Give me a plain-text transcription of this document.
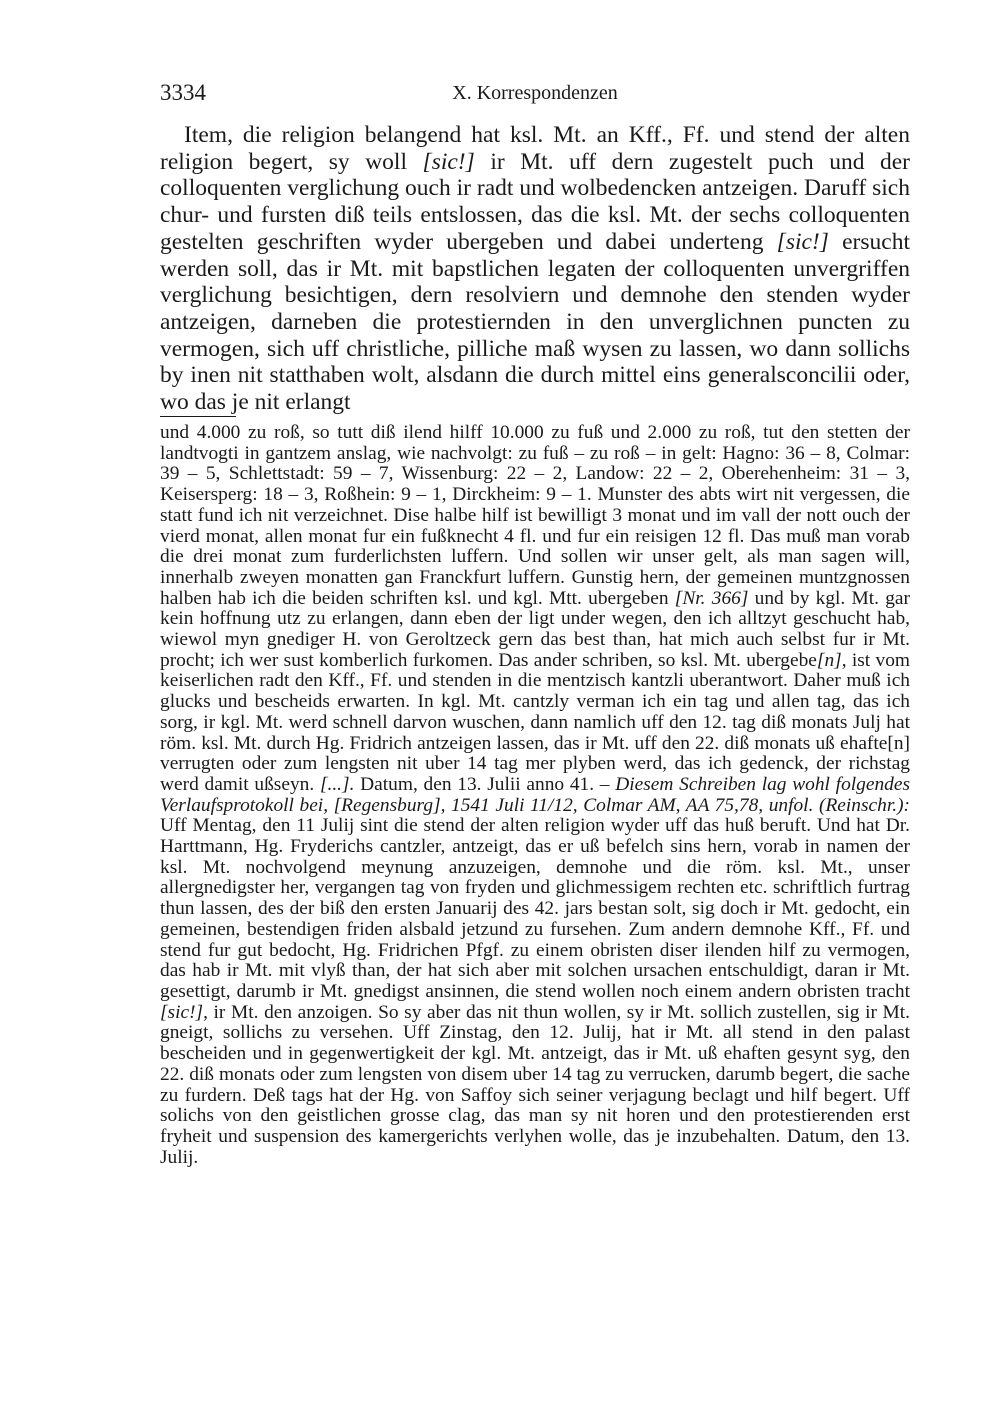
3334	X. Korrespondenzen

Item, die religion belangend hat ksl. Mt. an Kff., Ff. und stend der alten religion begert, sy woll [sic!] ir Mt. uff dern zugestelt puch und der colloquenten verglichung ouch ir radt und wolbedencken antzeigen. Daruff sich chur- und fursten diß teils entslossen, das die ksl. Mt. der sechs colloquenten gestelten geschriften wyder ubergeben und dabei underteng [sic!] ersucht werden soll, das ir Mt. mit bapstlichen legaten der colloquenten unvergriffen verglichung besichtigen, dern resolviern und demnohe den stenden wyder antzeigen, darneben die protestiernden in den unverglichnen puncten zu vermogen, sich uff christliche, pilliche maß wysen zu lassen, wo dann sollichs by inen nit statthaben wolt, alsdann die durch mittel eins generalsconcilii oder, wo das je nit erlangt

und 4.000 zu roß, so tutt diß ilend hilff 10.000 zu fuß und 2.000 zu roß, tut den stetten der landtvogti in gantzem anslag, wie nachvolgt: zu fuß – zu roß – in gelt: Hagno: 36 – 8, Colmar: 39 – 5, Schlettstadt: 59 – 7, Wissenburg: 22 – 2, Landow: 22 – 2, Oberehenheim: 31 – 3, Keisersperg: 18 – 3, Roßhein: 9 – 1, Dirckheim: 9 – 1. Munster des abts wirt nit vergessen, die statt fund ich nit verzeichnet. Dise halbe hilf ist bewilligt 3 monat und im vall der nott ouch der vierd monat, allen monat fur ein fußknecht 4 fl. und fur ein reisigen 12 fl. Das muß man vorab die drei monat zum furderlichsten luffern. Und sollen wir unser gelt, als man sagen will, innerhalb zweyen monatten gan Franckfurt luffern. Gunstig hern, der gemeinen muntzgnossen halben hab ich die beiden schriften ksl. und kgl. Mtt. ubergeben [Nr. 366] und by kgl. Mt. gar kein hoffnung utz zu erlangen, dann eben der ligt under wegen, den ich alltzyt geschucht hab, wiewol myn gnediger H. von Geroltzeck gern das best than, hat mich auch selbst fur ir Mt. procht; ich wer sust komberlich furkomen. Das ander schriben, so ksl. Mt. ubergebe[n], ist vom keiserlichen radt den Kff., Ff. und stenden in die mentzisch kantzli uberantwort. Daher muß ich glucks und bescheids erwarten. In kgl. Mt. cantzly verman ich ein tag und allen tag, das ich sorg, ir kgl. Mt. werd schnell darvon wuschen, dann namlich uff den 12. tag diß monats Julj hat röm. ksl. Mt. durch Hg. Fridrich antzeigen lassen, das ir Mt. uff den 22. diß monats uß ehafte[n] verrugten oder zum lengsten nit uber 14 tag mer plyben werd, das ich gedenck, der richstag werd damit ußseyn. [...]. Datum, den 13. Julii anno 41. – Diesem Schreiben lag wohl folgendes Verlaufsprotokoll bei, [Regensburg], 1541 Juli 11/12, Colmar AM, AA 75,78, unfol. (Reinschr.): Uff Mentag, den 11 Julij sint die stend der alten religion wyder uff das huß beruft. Und hat Dr. Harttmann, Hg. Fryderichs cantzler, antzeigt, das er uß befelch sins hern, vorab in namen der ksl. Mt. nochvolgend meynung anzuzeigen, demnohe und die röm. ksl. Mt., unser allergnedigster her, vergangen tag von fryden und glichmessigem rechten etc. schriftlich furtrag thun lassen, des der biß den ersten Januarij des 42. jars bestan solt, sig doch ir Mt. gedocht, ein gemeinen, bestendigen friden alsbald jetzund zu fursehen. Zum andern demnohe Kff., Ff. und stend fur gut bedocht, Hg. Fridrichen Pfgf. zu einem obristen diser ilenden hilf zu vermogen, das hab ir Mt. mit vlyß than, der hat sich aber mit solchen ursachen entschuldigt, daran ir Mt. gesettigt, darumb ir Mt. gnedigst ansinnen, die stend wollen noch einem andern obristen tracht [sic!], ir Mt. den anzoigen. So sy aber das nit thun wollen, sy ir Mt. sollich zustellen, sig ir Mt. gneigt, sollichs zu versehen. Uff Zinstag, den 12. Julij, hat ir Mt. all stend in den palast bescheiden und in gegenwertigkeit der kgl. Mt. antzeigt, das ir Mt. uß ehaften gesynt syg, den 22. diß monats oder zum lengsten von disem uber 14 tag zu verrucken, darumb begert, die sache zu furdern. Deß tags hat der Hg. von Saffoy sich seiner verjagung beclagt und hilf begert. Uff solichs von den geistlichen grosse clag, das man sy nit horen und den protestierenden erst fryheit und suspension des kamergerichts verlyhen wolle, das je inzubehalten. Datum, den 13. Julij.
